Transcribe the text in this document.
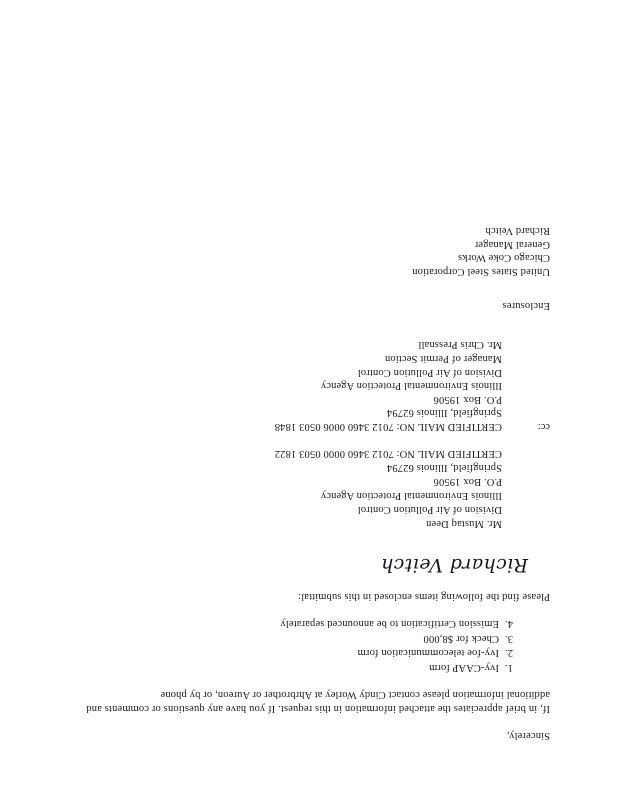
Sincerely,

If, in brief appreciates the attached information in this request. If you have any questions or comments and additional information please contact Cindy Worley at Ahrbrother or Aureon, or by phone

1.Ivy-CAAP form

2.Ivy-foe telecommunication form

3.Check for $8,000

4.Emission Certification to be announced separately

Please find the following items enclosed in this submittal:

Richard Veitch

Mr. Mustaq Deen

Division of Air Pollution Control

Illinois Environmental Protection Agency

P.O. Box 19506

Springfield, Illinois 62794

CERTIFIED MAIL NO: 7012 3460 0000 0503 1822

cc:

CERTIFIED MAIL NO: 7012 3460 0006 0503 1848

Springfield, Illinois 62794

P.O. Box 19506

Illinois Environmental Protection Agency

Division of Air Pollution Control

Manager of Permit Section

Mr. Chris Pressnall

Enclosures

United States Steel Corporation

Chicago Coke Works

General Manager

Richard Veitch
